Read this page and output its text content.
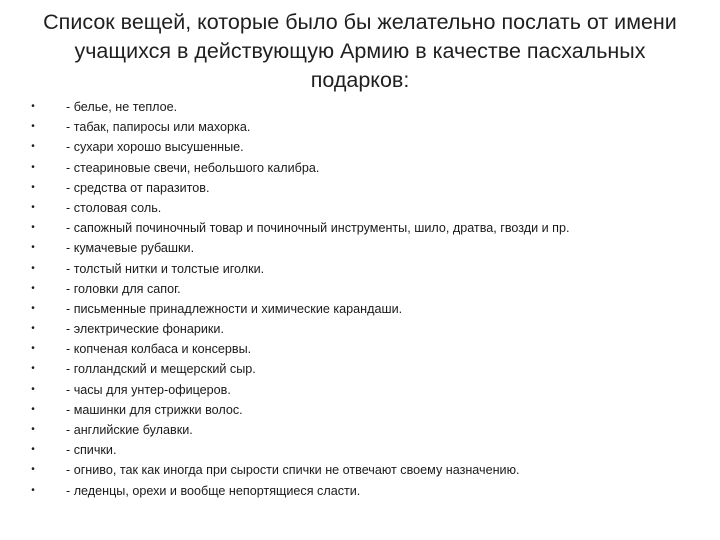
Список вещей, которые было бы желательно послать от имени учащихся в действующую Армию в качестве пасхальных подарков:
• - белье, не теплое.
• - табак, папиросы или махорка.
• - сухари хорошо высушенные.
• - стеариновые свечи, небольшого калибра.
• - средства от паразитов.
• - столовая соль.
• - сапожный починочный товар и починочный инструменты, шило, дратва, гвозди и пр.
• - кумачевые рубашки.
• - толстый нитки и толстые иголки.
• - головки для сапог.
• - письменные принадлежности и химические карандаши.
• - электрические фонарики.
• - копченая колбаса и консервы.
• - голландский и мещерский сыр.
• - часы для унтер-офицеров.
• - машинки для стрижки волос.
• - английские булавки.
• - спички.
• - огниво, так как иногда при сырости спички не отвечают своему назначению.
• - леденцы, орехи и вообще непортящиеся сласти.
